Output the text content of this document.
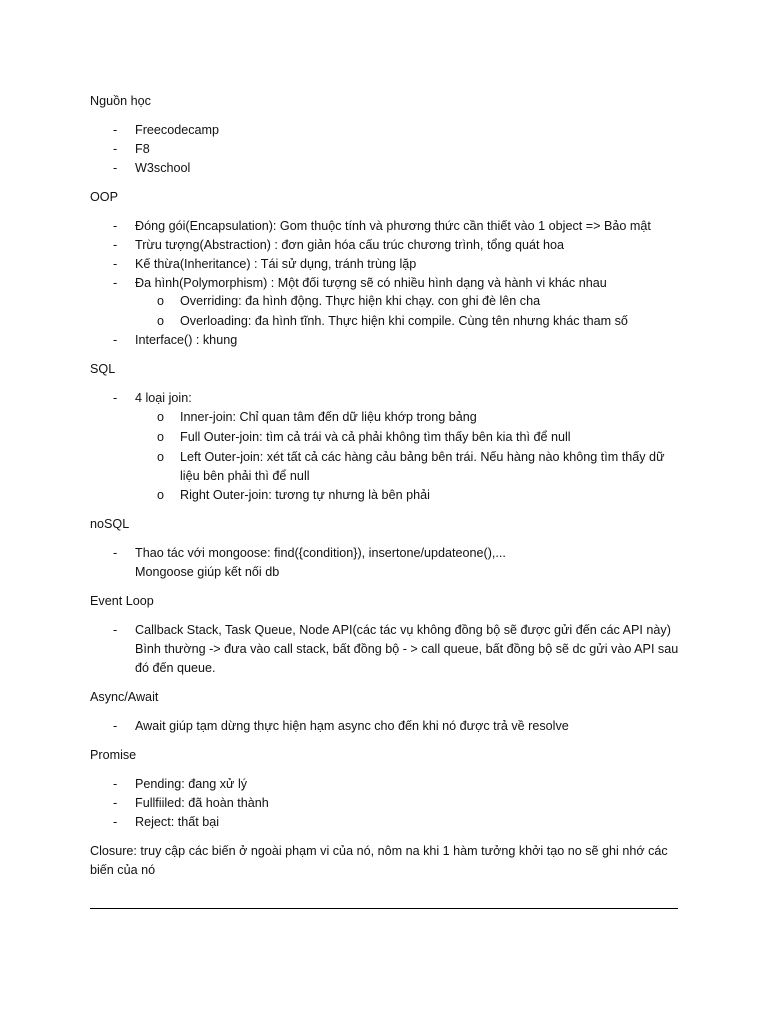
Nguồn học
- Freecodecamp
- F8
- W3school
OOP
- Đóng gói(Encapsulation): Gom thuộc tính và phương thức cần thiết vào 1 object => Bảo mật
- Trừu tượng(Abstraction) : đơn giản hóa cấu trúc chương trình, tổng quát hoa
- Kế thừa(Inheritance) : Tái sử dụng, tránh trùng lặp
- Đa hình(Polymorphism) : Một đối tượng sẽ có nhiều hình dạng và hành vi khác nhau
o Overriding: đa hình động. Thực hiện khi chạy. con ghi đè lên cha
o Overloading: đa hình tĩnh. Thực hiện khi compile. Cùng tên nhưng khác tham số
- Interface() : khung
SQL
- 4 loại join:
o Inner-join: Chỉ quan tâm đến dữ liệu khớp trong bảng
o Full Outer-join: tìm cả trái và cả phải không tìm thấy bên kia thì để null
o Left Outer-join: xét tất cả các hàng cảu bảng bên trái. Nếu hàng nào không tìm thấy dữ
liệu bên phải thì để null
o Right Outer-join: tương tự nhưng là bên phải
noSQL
- Thao tác với mongoose: find({condition}), insertone/updateone(),...
Mongoose giúp kết nối db
Event Loop
- Callback Stack, Task Queue, Node API(các tác vụ không đồng bộ sẽ được gửi đến các API này)
Bình thường -> đưa vào call stack, bất đồng bộ - > call queue, bất đồng bộ sẽ dc gửi vào API sau
đó đến queue.
Async/Await
- Await giúp tạm dừng thực hiện hạm async cho đến khi nó được trả về resolve
Promise
- Pending: đang xử lý
- Fullfiiled: đã hoàn thành
- Reject: thất bại
Closure: truy cập các biến ở ngoài phạm vi của nó, nôm na khi 1 hàm tưởng khởi tạo no sẽ ghi nhớ các
biến của nó
